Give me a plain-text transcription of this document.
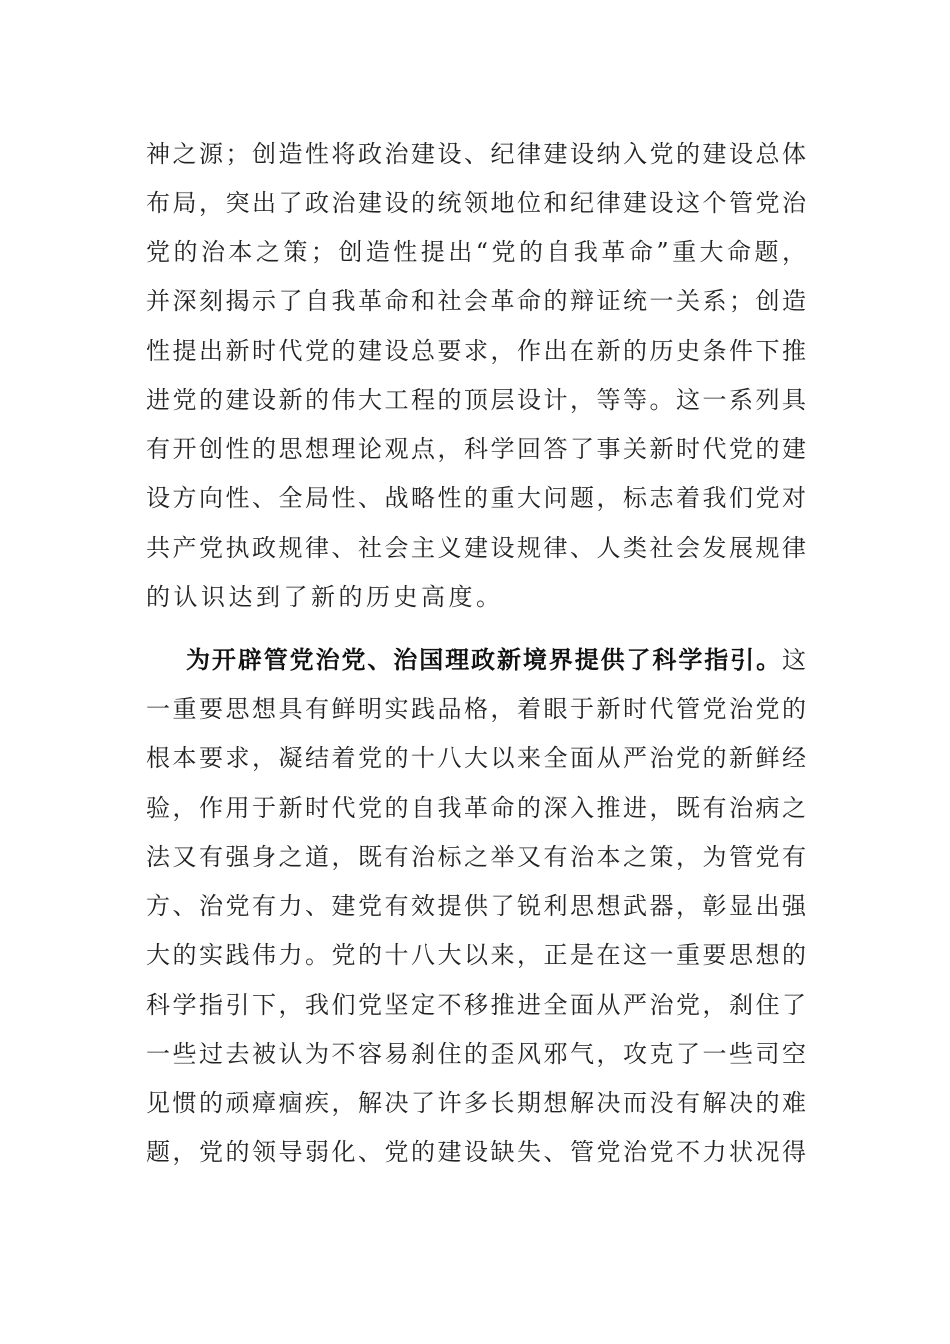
神之源；创造性将政治建设、纪律建设纳入党的建设总体
布局，突出了政治建设的统领地位和纪律建设这个管党治
党的治本之策；创造性提出“党的自我革命”重大命题，
并深刻揭示了自我革命和社会革命的辩证统一关系；创造
性提出新时代党的建设总要求，作出在新的历史条件下推
进党的建设新的伟大工程的顶层设计，等等。这一系列具
有开创性的思想理论观点，科学回答了事关新时代党的建
设方向性、全局性、战略性的重大问题，标志着我们党对
共产党执政规律、社会主义建设规律、人类社会发展规律
的认识达到了新的历史高度。
为开辟管党治党、治国理政新境界提供了科学指引。这
一重要思想具有鲜明实践品格，着眼于新时代管党治党的
根本要求，凝结着党的十八大以来全面从严治党的新鲜经
验，作用于新时代党的自我革命的深入推进，既有治病之
法又有强身之道，既有治标之举又有治本之策，为管党有
方、治党有力、建党有效提供了锐利思想武器，彰显出强
大的实践伟力。党的十八大以来，正是在这一重要思想的
科学指引下，我们党坚定不移推进全面从严治党，刹住了
一些过去被认为不容易刹住的歪风邪气，攻克了一些司空
见惯的顽瘴痼疾，解决了许多长期想解决而没有解决的难
题，党的领导弱化、党的建设缺失、管党治党不力状况得
